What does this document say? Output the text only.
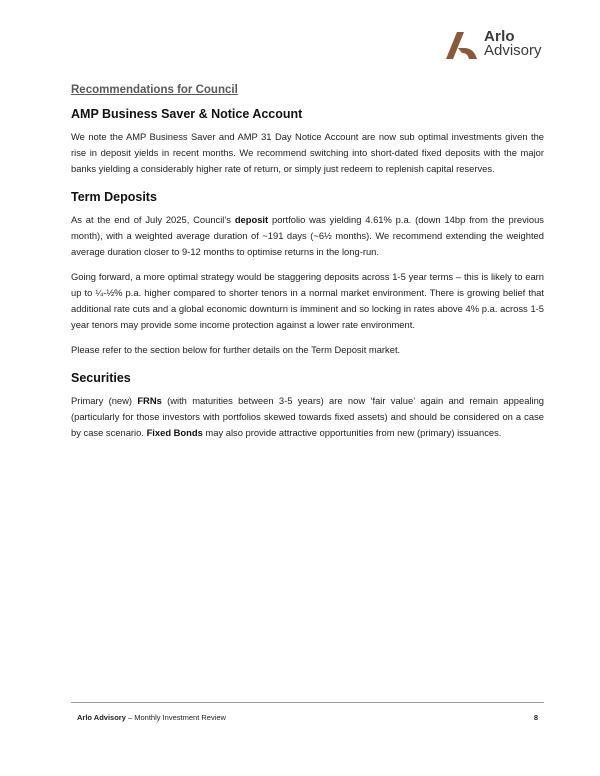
Arlo
Advisory
Recommendations for Council
AMP Business Saver & Notice Account

We note the AMP Business Saver and AMP 31 Day Notice Account are now sub optimal investments given the rise in deposit yields in recent months. We recommend switching into short-dated fixed deposits with the major banks yielding a considerably higher rate of return, or simply just redeem to replenish capital reserves.

Term Deposits

As at the end of July 2025, Council’s deposit portfolio was yielding 4.61% p.a. (down 14bp from the previous month), with a weighted average duration of ~191 days (~6½ months). We recommend extending the weighted average duration closer to 9-12 months to optimise returns in the long-run.

Going forward, a more optimal strategy would be staggering deposits across 1-5 year terms – this is likely to earn up to ¼-½% p.a. higher compared to shorter tenors in a normal market environment. There is growing belief that additional rate cuts and a global economic downturn is imminent and so locking in rates above 4% p.a. across 1-5 year tenors may provide some income protection against a lower rate environment.

Please refer to the section below for further details on the Term Deposit market.

Securities

Primary (new) FRNs (with maturities between 3-5 years) are now ‘fair value’ again and remain appealing (particularly for those investors with portfolios skewed towards fixed assets) and should be considered on a case by case scenario. Fixed Bonds may also provide attractive opportunities from new (primary) issuances.

Arlo Advisory – Monthly Investment Review	8
